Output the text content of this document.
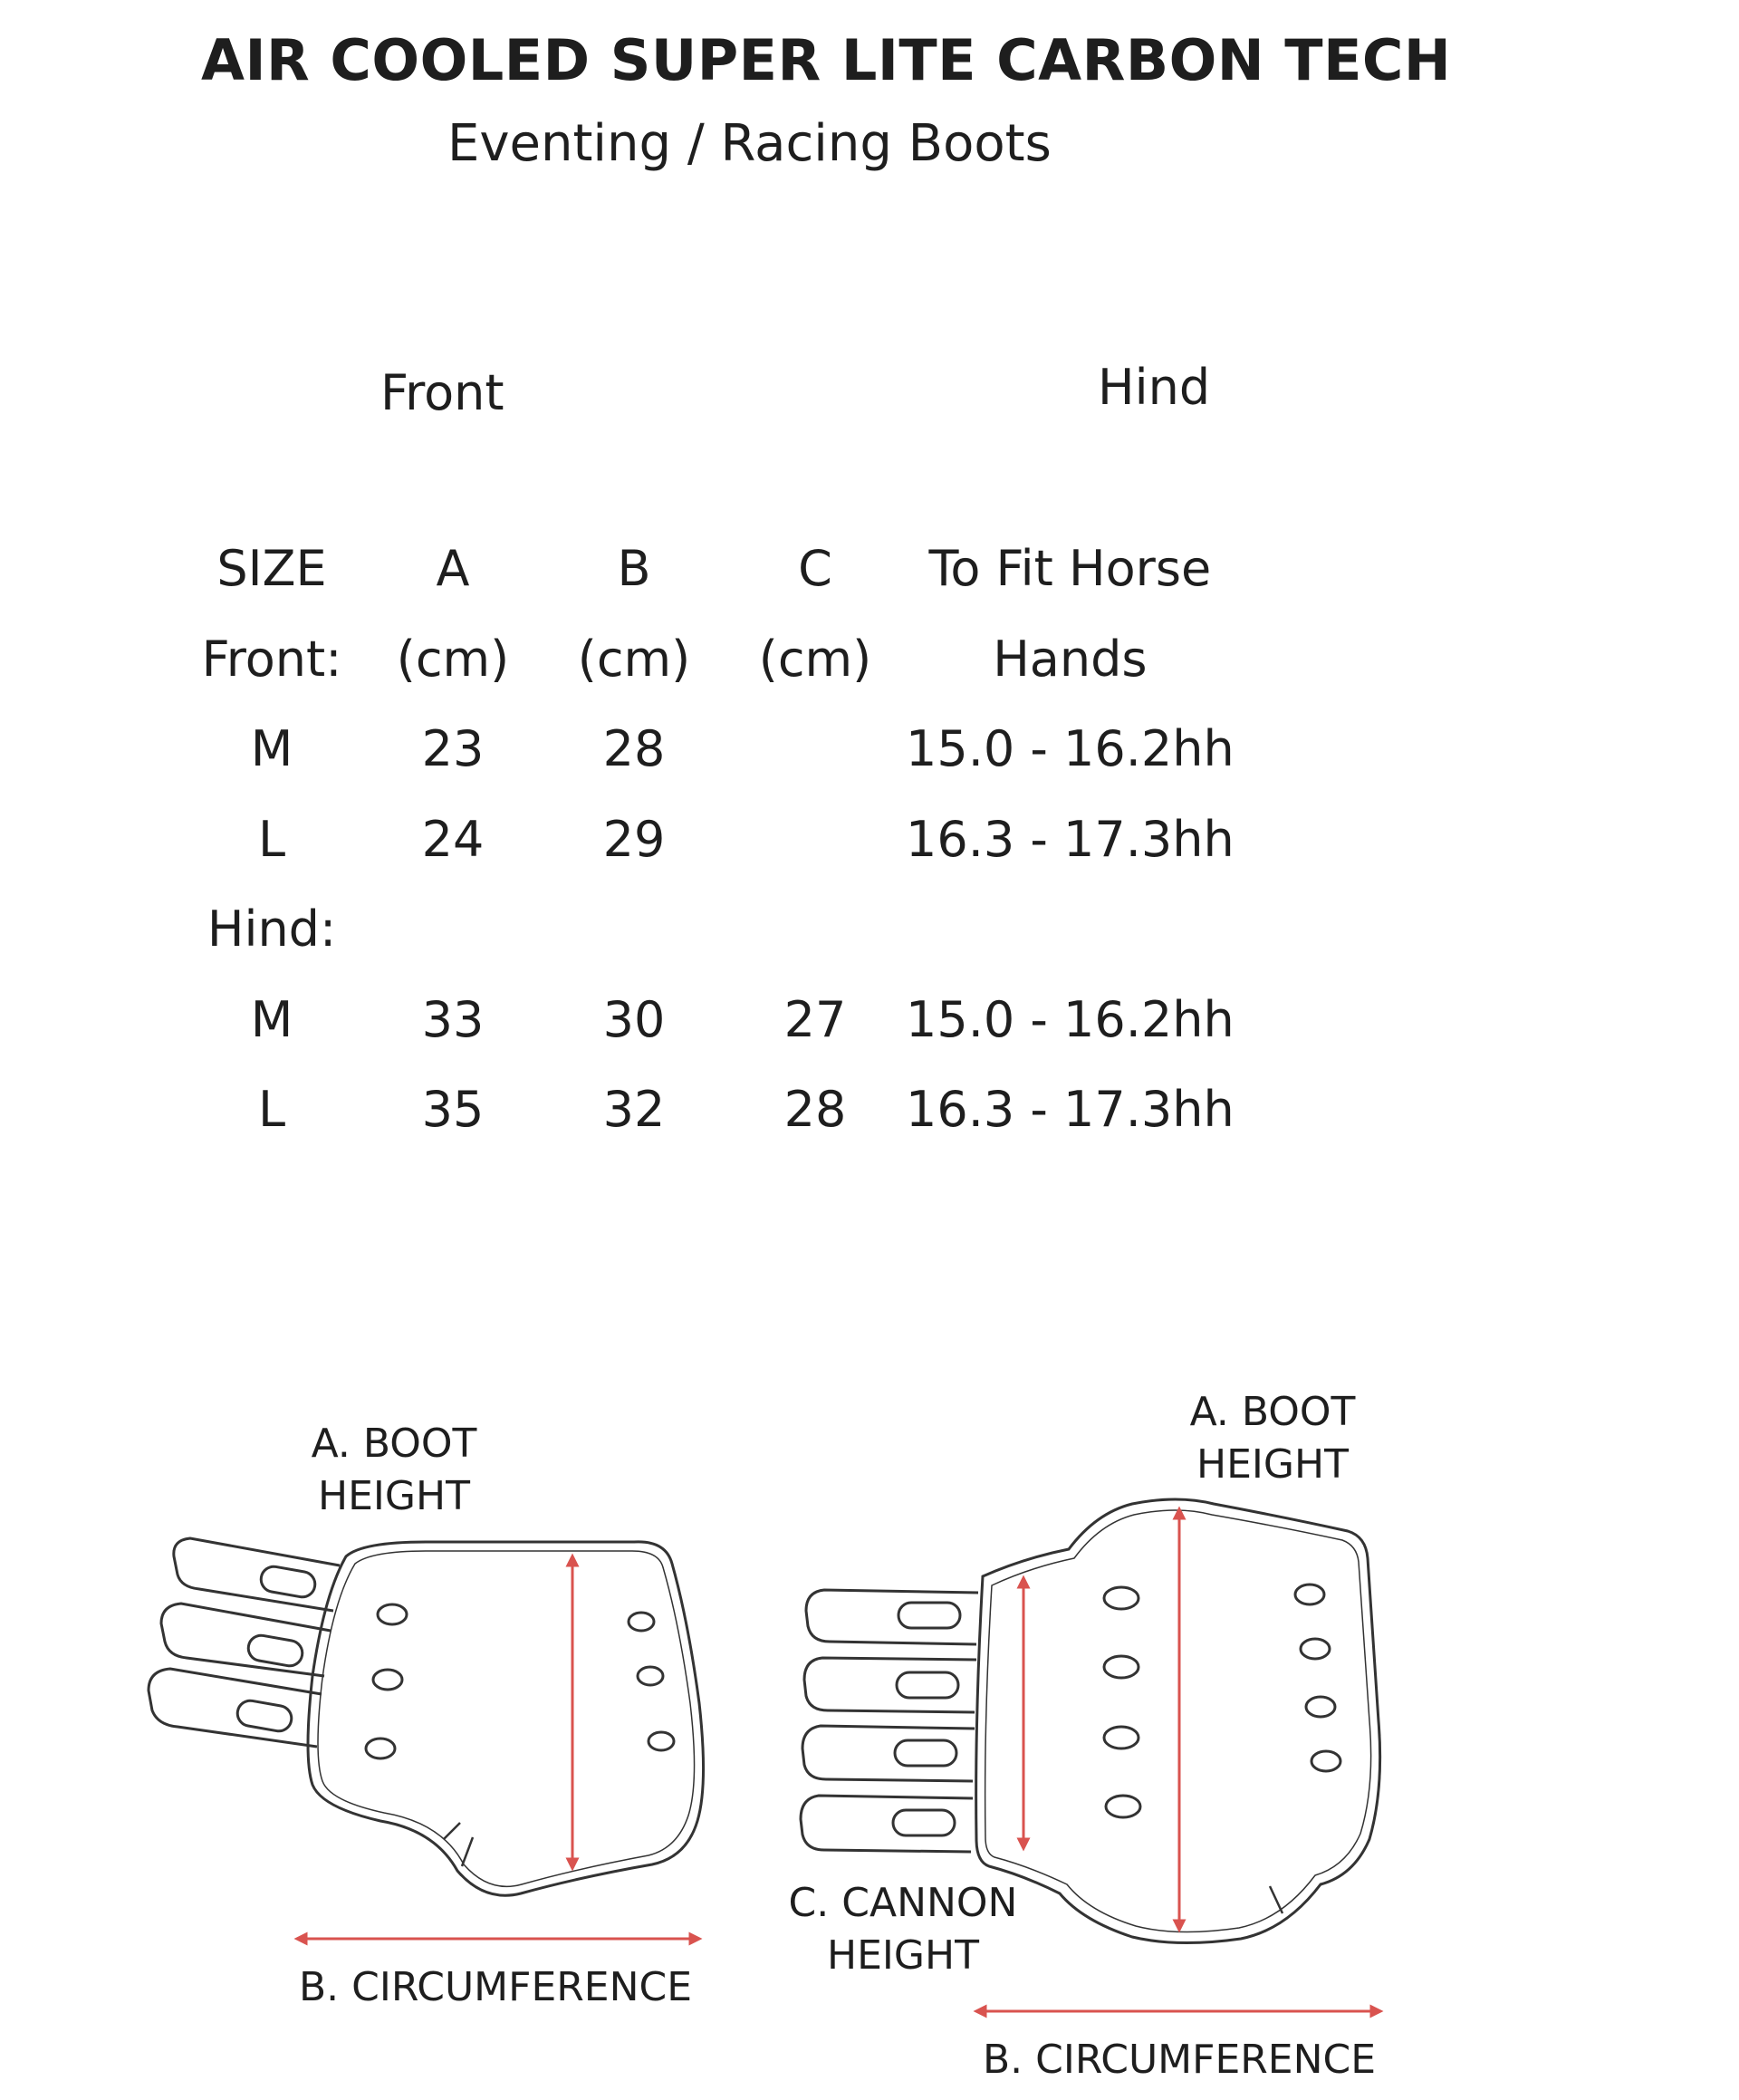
AIR COOLED SUPER LITE CARBON TECH
Eventing / Racing Boots
Front	Hind
SIZE	A	B	C	To Fit Horse
Front:	(cm)	(cm)	(cm)	Hands
M	23	28		15.0 - 16.2hh
L	24	29		16.3 - 17.3hh
Hind:				
M	33	30	27	15.0 - 16.2hh
L	35	32	28	16.3 - 17.3hh
A. BOOT
HEIGHT
B. CIRCUMFERENCE
A. BOOT
HEIGHT
C. CANNON
HEIGHT
B. CIRCUMFERENCE
